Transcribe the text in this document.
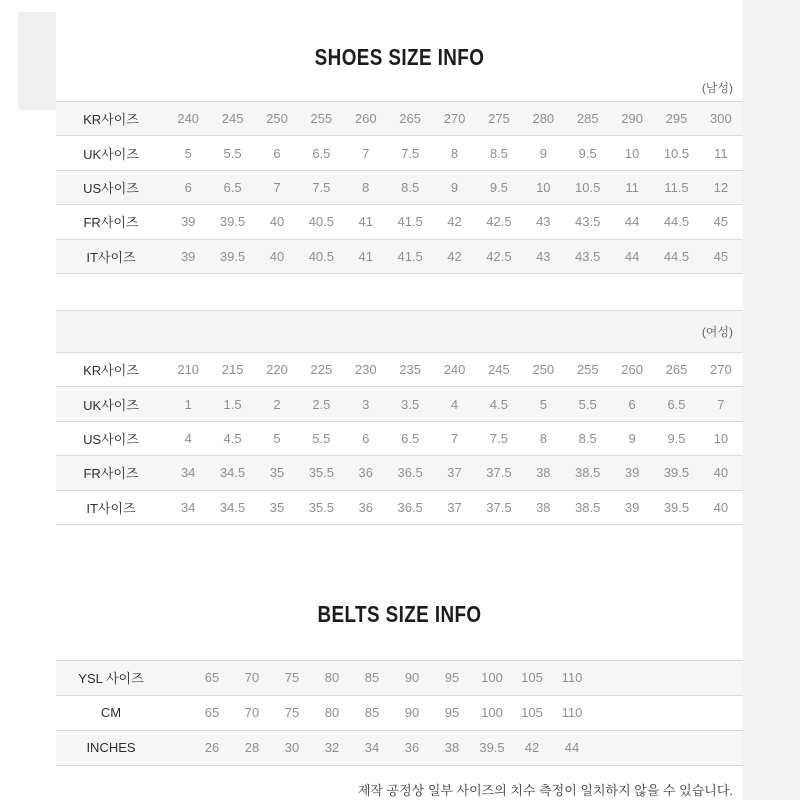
SHOES SIZE INFO
(남성)
KR사이즈	240	245	250	255	260	265	270	275	280	285	290	295	300
UK사이즈	5	5.5	6	6.5	7	7.5	8	8.5	9	9.5	10	10.5	11
US사이즈	6	6.5	7	7.5	8	8.5	9	9.5	10	10.5	11	11.5	12
FR사이즈	39	39.5	40	40.5	41	41.5	42	42.5	43	43.5	44	44.5	45
IT사이즈	39	39.5	40	40.5	41	41.5	42	42.5	43	43.5	44	44.5	45
(여성)
KR사이즈	210	215	220	225	230	235	240	245	250	255	260	265	270
UK사이즈	1	1.5	2	2.5	3	3.5	4	4.5	5	5.5	6	6.5	7
US사이즈	4	4.5	5	5.5	6	6.5	7	7.5	8	8.5	9	9.5	10
FR사이즈	34	34.5	35	35.5	36	36.5	37	37.5	38	38.5	39	39.5	40
IT사이즈	34	34.5	35	35.5	36	36.5	37	37.5	38	38.5	39	39.5	40
BELTS SIZE INFO
YSL 사이즈	65	70	75	80	85	90	95	100	105	110
CM	65	70	75	80	85	90	95	100	105	110
INCHES	26	28	30	32	34	36	38	39.5	42	44
제작 공정상 일부 사이즈의 치수 측정이 일치하지 않을 수 있습니다.
